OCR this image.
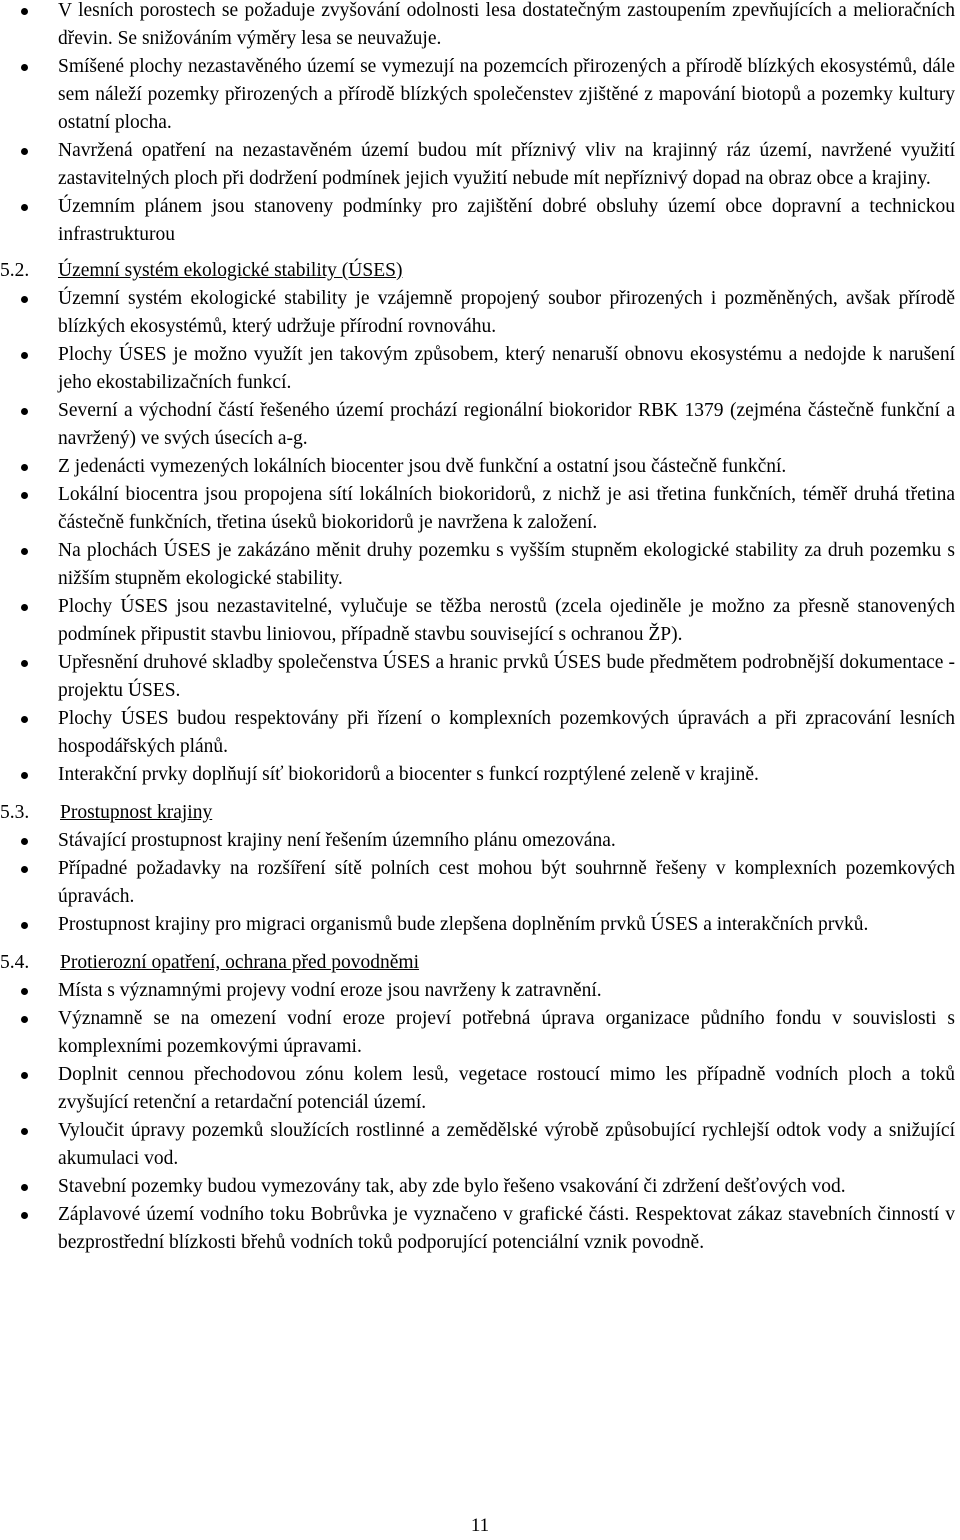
V lesních porostech se požaduje zvyšování odolnosti lesa dostatečným zastoupením zpevňujících a melioračních dřevin. Se snižováním výměry lesa se neuvažuje.
Smíšené plochy nezastavěného území se vymezují na pozemcích přirozených a přírodě blízkých ekosystémů, dále sem náleží pozemky přirozených a přírodě blízkých společenstev zjištěné z mapování biotopů a pozemky kultury ostatní plocha.
Navržená opatření na nezastavěném území budou mít příznivý vliv na krajinný ráz území, navržené využití zastavitelných ploch při dodržení podmínek jejich využití nebude mít nepříznivý dopad na obraz obce a krajiny.
Územním plánem jsou stanoveny podmínky pro zajištění dobré obsluhy území obce dopravní a technickou infrastrukturou
5.2. Územní systém ekologické stability (ÚSES)
Územní systém ekologické stability je vzájemně propojený soubor přirozených i pozměněných, avšak přírodě blízkých ekosystémů, který udržuje přírodní rovnováhu.
Plochy ÚSES je možno využít jen takovým způsobem, který nenaruší obnovu ekosystému a nedojde k narušení jeho ekostabilizačních funkcí.
Severní a východní částí řešeného území prochází regionální biokoridor RBK 1379 (zejména částečně funkční a navržený) ve svých úsecích a-g.
Z jedenácti vymezených lokálních biocenter jsou dvě funkční a ostatní jsou částečně funkční.
Lokální biocentra jsou propojena sítí lokálních biokoridorů, z nichž je asi třetina funkčních, téměř druhá třetina částečně funkčních, třetina úseků biokoridorů je navržena k založení.
Na plochách ÚSES je zakázáno měnit druhy pozemku s vyšším stupněm ekologické stability za druh pozemku s nižším stupněm ekologické stability.
Plochy ÚSES jsou nezastavitelné, vylučuje se těžba nerostů (zcela ojediněle je možno za přesně stanovených podmínek připustit stavbu liniovou, případně stavbu související s ochranou ŽP).
Upřesnění druhové skladby společenstva ÚSES a hranic prvků ÚSES bude předmětem podrobnější dokumentace - projektu ÚSES.
Plochy ÚSES budou respektovány při řízení o komplexních pozemkových úpravách a při zpracování lesních hospodářských plánů.
Interakční prvky doplňují síť biokoridorů a biocenter s funkcí rozptýlené zeleně v krajině.
5.3. Prostupnost krajiny
Stávající prostupnost krajiny není řešením územního plánu omezována.
Případné požadavky na rozšíření sítě polních cest mohou být souhrnně řešeny v komplexních pozemkových úpravách.
Prostupnost krajiny pro migraci organismů bude zlepšena doplněním prvků ÚSES a interakčních prvků.
5.4. Protierozní opatření, ochrana před povodněmi
Místa s významnými projevy vodní eroze jsou navrženy k zatravnění.
Významně se na omezení vodní eroze projeví potřebná úprava organizace půdního fondu v souvislosti s komplexními pozemkovými úpravami.
Doplnit cennou přechodovou zónu kolem lesů, vegetace rostoucí mimo les případně vodních ploch a toků zvyšující retenční a retardační potenciál území.
Vyloučit úpravy pozemků sloužících rostlinné a zemědělské výrobě způsobující rychlejší odtok vody a snižující akumulaci vod.
Stavební pozemky budou vymezovány tak, aby zde bylo řešeno vsakování či zdržení dešťových vod.
Záplavové území vodního toku Bobrůvka je vyznačeno v grafické části. Respektovat zákaz stavebních činností v bezprostřední blízkosti břehů vodních toků podporující potenciální vznik povodně.
11
